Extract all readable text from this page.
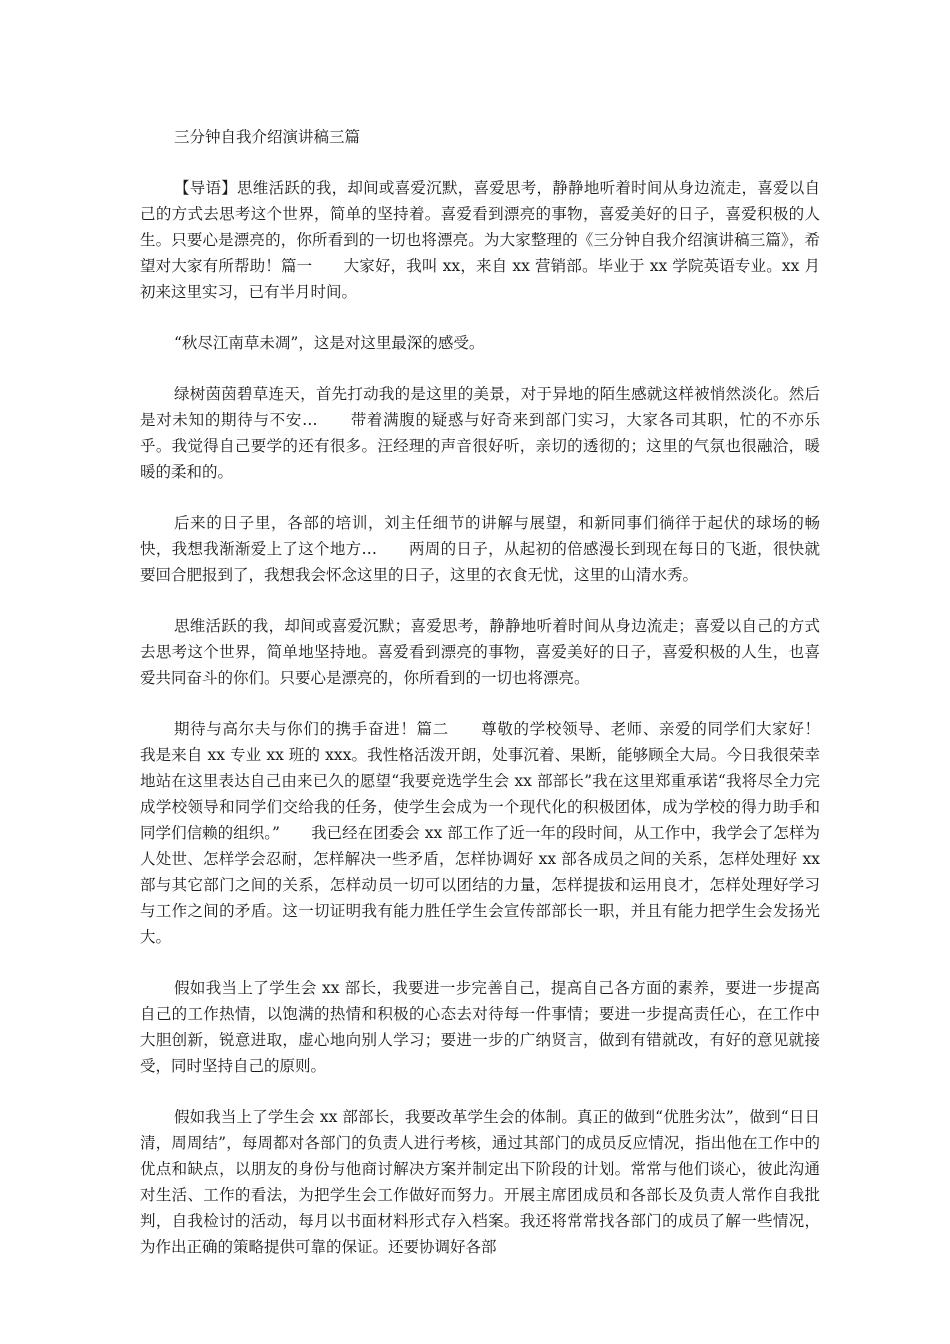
三分钟自我介绍演讲稿三篇

【导语】思维活跃的我，却间或喜爱沉默，喜爱思考，静静地听着时间从身边流走，喜爱以自己的方式去思考这个世界，简单的坚持着。喜爱看到漂亮的事物，喜爱美好的日子，喜爱积极的人生。只要心是漂亮的，你所看到的一切也将漂亮。为大家整理的《三分钟自我介绍演讲稿三篇》，希望对大家有所帮助！篇一　　大家好，我叫 xx，来自 xx 营销部。毕业于 xx 学院英语专业。xx 月初来这里实习，已有半月时间。

“秋尽江南草未凋”，这是对这里最深的感受。

绿树茵茵碧草连天，首先打动我的是这里的美景，对于异地的陌生感就这样被悄然淡化。然后是对未知的期待与不安…　　带着满腹的疑惑与好奇来到部门实习，大家各司其职，忙的不亦乐乎。我觉得自己要学的还有很多。汪经理的声音很好听，亲切的透彻的；这里的气氛也很融洽，暖暖的柔和的。

后来的日子里，各部的培训，刘主任细节的讲解与展望，和新同事们徜徉于起伏的球场的畅快，我想我渐渐爱上了这个地方…　　两周的日子，从起初的倍感漫长到现在每日的飞逝，很快就要回合肥报到了，我想我会怀念这里的日子，这里的衣食无忧，这里的山清水秀。

思维活跃的我，却间或喜爱沉默；喜爱思考，静静地听着时间从身边流走；喜爱以自己的方式去思考这个世界，简单地坚持地。喜爱看到漂亮的事物，喜爱美好的日子，喜爱积极的人生，也喜爱共同奋斗的你们。只要心是漂亮的，你所看到的一切也将漂亮。

期待与高尔夫与你们的携手奋进！篇二　　尊敬的学校领导、老师、亲爱的同学们大家好！　　我是来自 xx 专业 xx 班的 xxx。我性格活泼开朗，处事沉着、果断，能够顾全大局。今日我很荣幸地站在这里表达自己由来已久的愿望“我要竞选学生会 xx 部部长”我在这里郑重承诺“我将尽全力完成学校领导和同学们交给我的任务，使学生会成为一个现代化的积极团体，成为学校的得力助手和同学们信赖的组织。”　　我已经在团委会 xx 部工作了近一年的段时间，从工作中，我学会了怎样为人处世、怎样学会忍耐，怎样解决一些矛盾，怎样协调好 xx 部各成员之间的关系，怎样处理好 xx 部与其它部门之间的关系，怎样动员一切可以团结的力量，怎样提拔和运用良才，怎样处理好学习与工作之间的矛盾。这一切证明我有能力胜任学生会宣传部部长一职，并且有能力把学生会发扬光大。

假如我当上了学生会 xx 部长，我要进一步完善自己，提高自己各方面的素养，要进一步提高自己的工作热情，以饱满的热情和积极的心态去对待每一件事情；要进一步提高责任心，在工作中大胆创新，锐意进取，虚心地向别人学习；要进一步的广纳贤言，做到有错就改，有好的意见就接受，同时坚持自己的原则。

假如我当上了学生会 xx 部部长，我要改革学生会的体制。真正的做到“优胜劣汰”，做到“日日清，周周结”，每周都对各部门的负责人进行考核，通过其部门的成员反应情况，指出他在工作中的优点和缺点，以朋友的身份与他商讨解决方案并制定出下阶段的计划。常常与他们谈心，彼此沟通对生活、工作的看法，为把学生会工作做好而努力。开展主席团成员和各部长及负责人常作自我批判，自我检讨的活动，每月以书面材料形式存入档案。我还将常常找各部门的成员了解一些情况，为作出正确的策略提供可靠的保证。还要协调好各部
